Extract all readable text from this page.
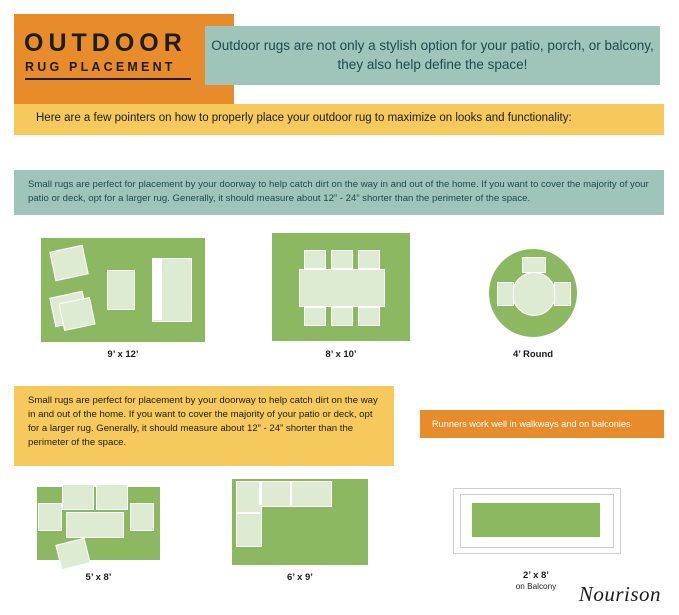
OUTDOOR
RUG PLACEMENT
Outdoor rugs are not only a stylish option for your patio, porch, or balcony, they also help define the space!
Here are a few pointers on how to properly place your outdoor rug to maximize on looks and functionality:
Small rugs are perfect for placement by your doorway to help catch dirt on the way in and out of the home. If you want to cover the majority of your patio or deck, opt for a larger rug. Generally, it should measure about 12” - 24” shorter than the perimeter of the space.
9’ x 12’	8’ x 10’	4’ Round
Small rugs are perfect for placement by your doorway to help catch dirt on the way in and out of the home. If you want to cover the majority of your patio or deck, opt for a larger rug. Generally, it should measure about 12” - 24” shorter than the perimeter of the space.
Runners work well in walkways and on balconies
5’ x 8’	6’ x 9’	2’ x 8’
on Balcony	Nourison
